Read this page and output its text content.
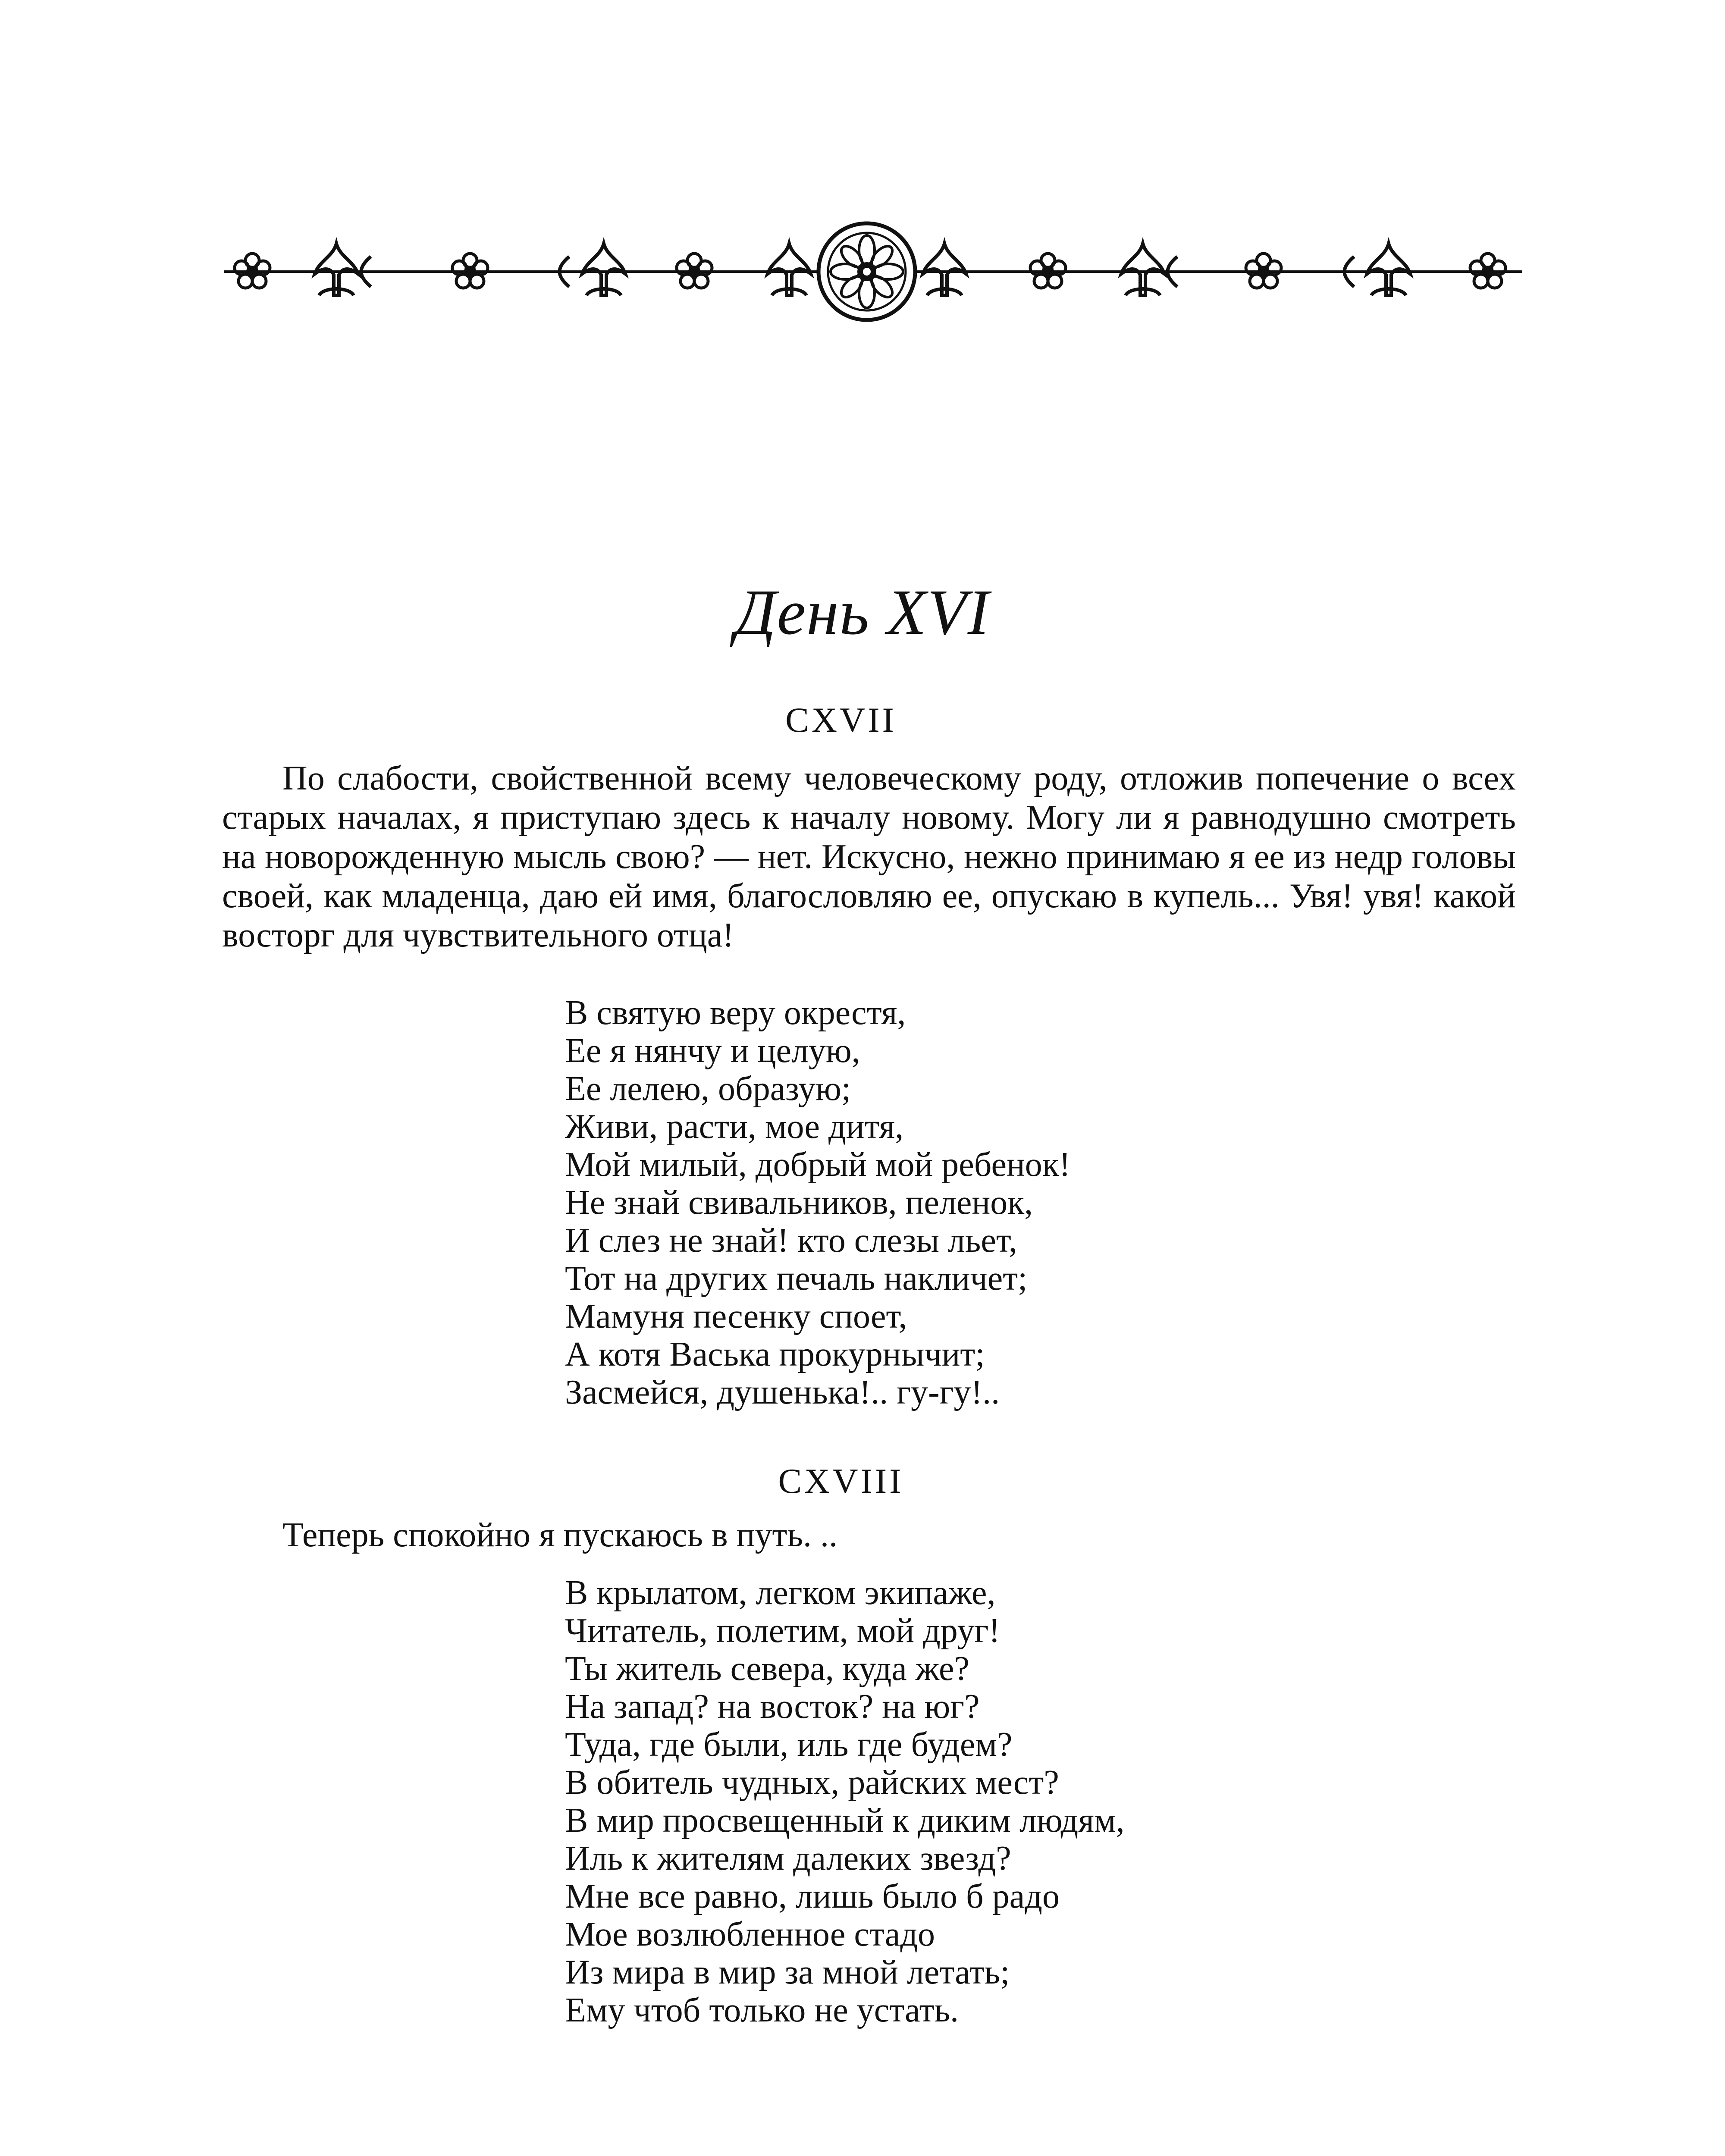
День XVI
CXVII

По слабости, свойственной всему человеческому роду, отложив попечение о всех старых началах, я приступаю здесь к началу новому. Могу ли я равнодушно смотреть на новорожденную мысль свою? — нет. Искусно, нежно принимаю я ее из недр головы своей, как младенца, даю ей имя, благословляю ее, опускаю в купель... Увя! увя! какой восторг для чувствительного отца!

В святую веру окрестя,
Ее я нянчу и целую,
Ее лелею, образую;
Живи, расти, мое дитя,
Мой милый, добрый мой ребенок!
Не знай свивальников, пеленок,
И слез не знай! кто слезы льет,
Тот на других печаль накличет;
Мамуня песенку споет,
А котя Васька прокурнычит;
Засмейся, душенька!.. гу-гу!..
CXVIII
Теперь спокойно я пускаюсь в путь. ..
В крылатом, легком экипаже,
Читатель, полетим, мой друг!
Ты житель севера, куда же?
На запад? на восток? на юг?
Туда, где были, иль где будем?
В обитель чудных, райских мест?
В мир просвещенный к диким людям,
Иль к жителям далеких звезд?
Мне все равно, лишь было б радо
Мое возлюбленное стадо
Из мира в мир за мной летать;
Ему чтоб только не устать.
